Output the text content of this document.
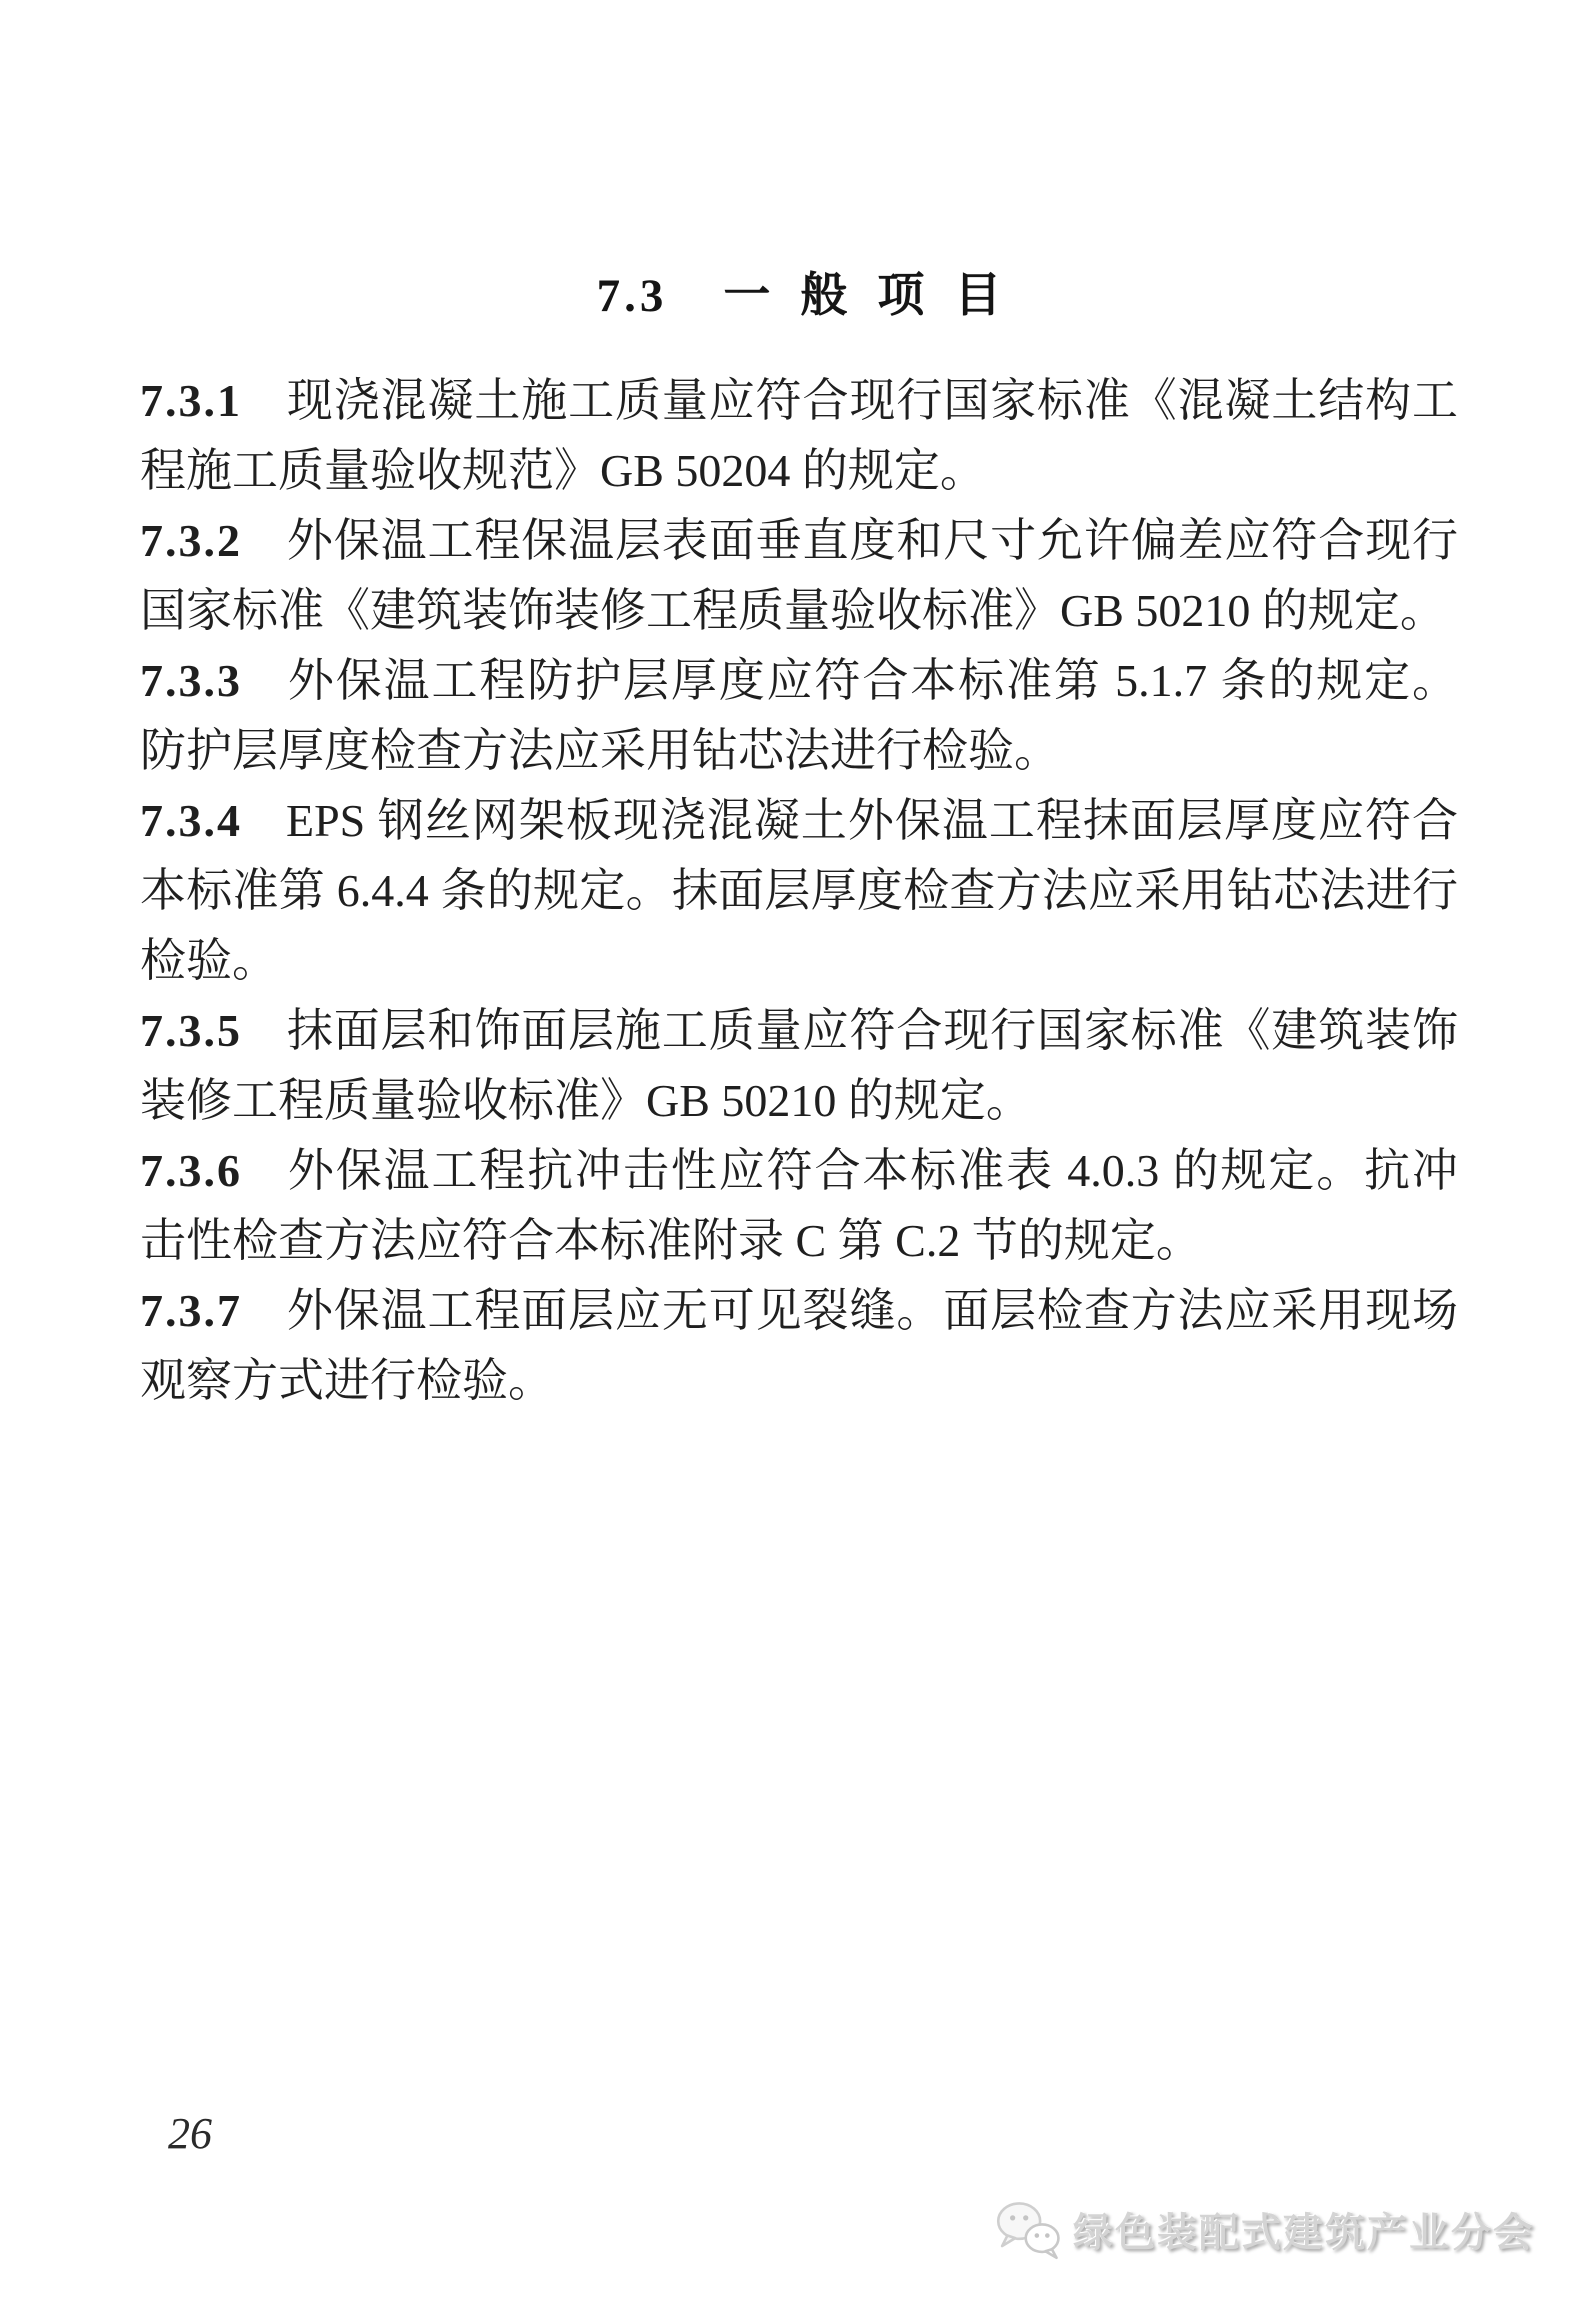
7.3 一般项目

7.3.1 现浇混凝土施工质量应符合现行国家标准《混凝土结构工程施工质量验收规范》GB 50204 的规定。

7.3.2 外保温工程保温层表面垂直度和尺寸允许偏差应符合现行国家标准《建筑装饰装修工程质量验收标准》GB 50210 的规定。

7.3.3 外保温工程防护层厚度应符合本标准第 5.1.7 条的规定。防护层厚度检查方法应采用钻芯法进行检验。

7.3.4 EPS 钢丝网架板现浇混凝土外保温工程抹面层厚度应符合本标准第 6.4.4 条的规定。抹面层厚度检查方法应采用钻芯法进行检验。

7.3.5 抹面层和饰面层施工质量应符合现行国家标准《建筑装饰装修工程质量验收标准》GB 50210 的规定。

7.3.6 外保温工程抗冲击性应符合本标准表 4.0.3 的规定。抗冲击性检查方法应符合本标准附录 C 第 C.2 节的规定。

7.3.7 外保温工程面层应无可见裂缝。面层检查方法应采用现场观察方式进行检验。

26
绿色装配式建筑产业分会
